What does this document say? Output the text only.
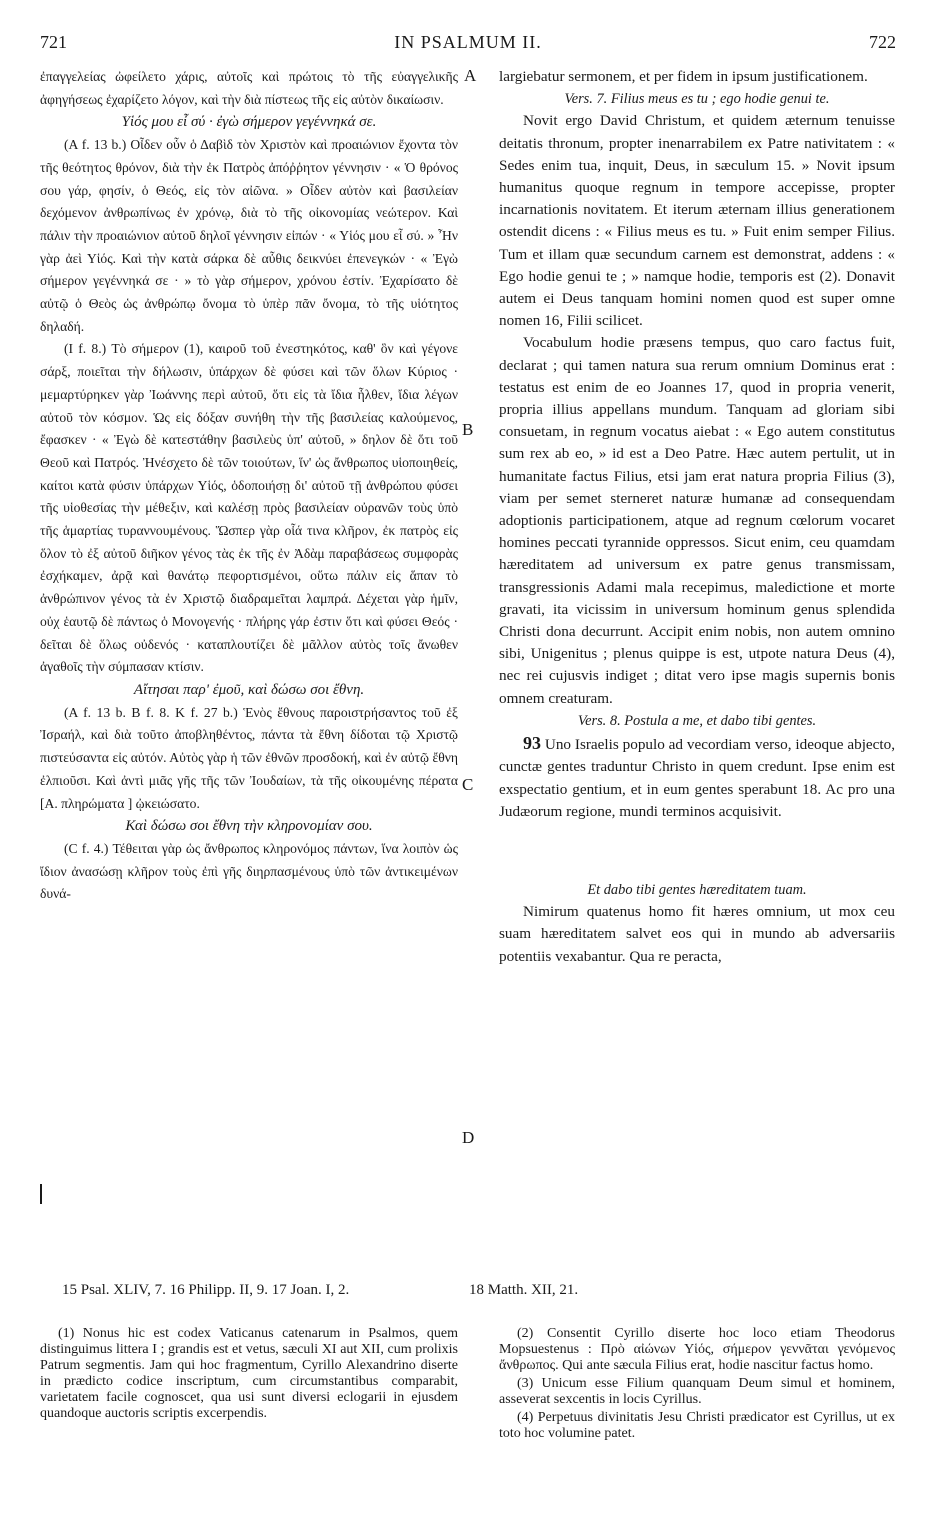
721	IN PSALMUM II.	722

ἐπαγγελείας ὠφείλετο χάρις, αὐτοῖς καὶ πρώτοις τὸ τῆς εὐαγγελικῆς ἀφηγήσεως ἐχαρίζετο λόγον, καὶ τὴν διὰ πίστεως τῆς εἰς αὐτὸν δικαίωσιν.

Υἱός μου εἶ σύ · ἐγὼ σήμερον γεγέννηκά σε.

(A f. 13 b.) Οἶδεν οὖν ὁ Δαβὶδ τὸν Χριστὸν καὶ προαιώνιον ἔχοντα τὸν τῆς θεότητος θρόνον, διὰ τὴν ἐκ Πατρὸς ἀπόῤῥητον γέννησιν · « Ὁ θρόνος σου γάρ, φησίν, ὁ Θεός, εἰς τὸν αἰῶνα. » Οἶδεν αὐτὸν καὶ βασιλείαν δεχόμενον ἀνθρωπίνως ἐν χρόνῳ, διὰ τὸ τῆς οἰκονομίας νεώτερον. Καὶ πάλιν τὴν προαιώνιον αὐτοῦ δηλοῖ γέννησιν εἰπών · « Υἱός μου εἶ σύ. » Ἦν γὰρ ἀεὶ Υἱός. Καὶ τὴν κατὰ σάρκα δὲ αὖθις δεικνύει ἐπενεγκών · « Ἐγὼ σήμερον γεγέννηκά σε · » τὸ γὰρ σήμερον, χρόνου ἐστίν. Ἐχαρίσατο δὲ αὐτῷ ὁ Θεὸς ὡς ἀνθρώπῳ ὄνομα τὸ ὑπὲρ πᾶν ὄνομα, τὸ τῆς υἱότητος δηλαδή.

(I f. 8.) Τὸ σήμερον (1), καιροῦ τοῦ ἐνεστηκότος, καθ' ὃν καὶ γέγονε σάρξ, ποιεῖται τὴν δήλωσιν, ὑπάρχων δὲ φύσει καὶ τῶν ὅλων Κύριος · μεμαρτύρηκεν γὰρ Ἰωάννης περὶ αὐτοῦ, ὅτι εἰς τὰ ἴδια ἦλθεν, ἴδια λέγων αὐτοῦ τὸν κόσμον. Ὡς εἰς δόξαν συνήθη τὴν τῆς βασιλείας καλούμενος, ἔφασκεν · « Ἐγὼ δὲ κατεστάθην βασιλεὺς ὑπ' αὐτοῦ, » δηλον δὲ ὅτι τοῦ Θεοῦ καὶ Πατρός. Ἠνέσχετο δὲ τῶν τοιούτων, ἵν' ὡς ἄνθρωπος υἱοποιηθείς, καίτοι κατὰ φύσιν ὑπάρχων Υἱός, ὁδοποιήσῃ δι' αὐτοῦ τῇ ἀνθρώπου φύσει τῆς υἱοθεσίας τὴν μέθεξιν, καὶ καλέσῃ πρὸς βασιλείαν οὐρανῶν τοὺς ὑπὸ τῆς ἁμαρτίας τυραννουμένους. Ὥσπερ γὰρ οἷά τινα κλῆρον, ἐκ πατρὸς εἰς ὅλον τὸ ἐξ αὐτοῦ διῆκον γένος τὰς ἐκ τῆς ἐν Ἀδὰμ παραβάσεως συμφορὰς ἐσχήκαμεν, ἀρᾷ καὶ θανάτῳ πεφορτισμένοι, οὕτω πάλιν εἰς ἅπαν τὸ ἀνθρώπινον γένος τὰ ἐν Χριστῷ διαδραμεῖται λαμπρά. Δέχεται γὰρ ἡμῖν, οὐχ ἑαυτῷ δὲ πάντως ὁ Μονογενής · πλήρης γάρ ἐστιν ὅτι καὶ φύσει Θεός · δεῖται δὲ ὅλως οὐδενός · καταπλουτίζει δὲ μᾶλλον αὐτὸς τοῖς ἄνωθεν ἀγαθοῖς τὴν σύμπασαν κτίσιν.

Αἴτησαι παρ' ἐμοῦ, καὶ δώσω σοι ἔθνη.

(A f. 13 b. B f. 8. K f. 27 b.) Ἑνὸς ἔθνους παροιστρήσαντος τοῦ ἐξ Ἰσραήλ, καὶ διὰ τοῦτο ἀποβληθέντος, πάντα τὰ ἔθνη δίδοται τῷ Χριστῷ πιστεύσαντα εἰς αὐτόν. Αὐτὸς γὰρ ἡ τῶν ἐθνῶν προσδοκή, καὶ ἐν αὐτῷ ἔθνη ἐλπιοῦσι. Καὶ ἀντὶ μιᾶς γῆς τῆς τῶν Ἰουδαίων, τὰ τῆς οἰκουμένης πέρατα [A. πληρώματα ] ᾠκειώσατο.

Καὶ δώσω σοι ἔθνη τὴν κληρονομίαν σου.

(C f. 4.) Τέθειται γὰρ ὡς ἄνθρωπος κληρονόμος πάντων, ἵνα λοιπὸν ὡς ἴδιον ἀνασώσῃ κλῆρον τοὺς ἐπὶ γῆς διηρπασμένους ὑπὸ τῶν ἀντικειμένων δυνά-

A
B
C
D

largiebatur sermonem, et per fidem in ipsum justificationem.

Vers. 7. Filius meus es tu ; ego hodie genui te.

Novit ergo David Christum, et quidem æternum tenuisse deitatis thronum, propter inenarrabilem ex Patre nativitatem : « Sedes enim tua, inquit, Deus, in sæculum 15. » Novit ipsum humanitus quoque regnum in tempore accepisse, propter incarnationis novitatem. Et iterum æternam illius generationem ostendit dicens : « Filius meus es tu. » Fuit enim semper Filius. Tum et illam quæ secundum carnem est demonstrat, addens : « Ego hodie genui te ; » namque hodie, temporis est (2). Donavit autem ei Deus tanquam homini nomen quod est super omne nomen 16, Filii scilicet.

Vocabulum hodie præsens tempus, quo caro factus fuit, declarat ; qui tamen natura sua rerum omnium Dominus erat : testatus est enim de eo Joannes 17, quod in propria venerit, propria illius appellans mundum. Tanquam ad gloriam sibi consuetam, in regnum vocatus aiebat : « Ego autem constitutus sum rex ab eo, » id est a Deo Patre. Hæc autem pertulit, ut in humanitate factus Filius, etsi jam erat natura propria Filius (3), viam per semet sterneret naturæ humanæ ad consequendam adoptionis participationem, atque ad regnum cœlorum vocaret homines peccati tyrannide oppressos. Sicut enim, ceu quamdam hæreditatem ad universum ex patre genus transmissam, transgressionis Adami mala recepimus, maledictione et morte gravati, ita vicissim in universum hominum genus splendida Christi dona decurrunt. Accipit enim nobis, non autem omnino sibi, Unigenitus ; plenus quippe is est, utpote natura Deus (4), nec rei cujusvis indiget ; ditat vero ipse magis supernis bonis omnem creaturam.

Vers. 8. Postula a me, et dabo tibi gentes.

93 Uno Israelis populo ad vecordiam verso, ideoque abjecto, cunctæ gentes traduntur Christo in quem credunt. Ipse enim est exspectatio gentium, et in eum gentes sperabunt 18. Ac pro una Judæorum regione, mundi terminos acquisivit.

Et dabo tibi gentes hæreditatem tuam.

Nimirum quatenus homo fit hæres omnium, ut mox ceu suam hæreditatem salvet eos qui in mundo ab adversariis potentiis vexabantur. Qua re peracta,

15 Psal. XLIV, 7. 16 Philipp. II, 9. 17 Joan. I, 2.	18 Matth. XII, 21.

(1) Nonus hic est codex Vaticanus catenarum in Psalmos, quem distinguimus littera I ; grandis est et vetus, sæculi XI aut XII, cum prolixis Patrum segmentis. Jam qui hoc fragmentum, Cyrillo Alexandrino diserte in prædicto codice inscriptum, cum circumstantibus comparabit, varietatem facile cognoscet, qua usi sunt diversi eclogarii in ejusdem quandoque auctoris scriptis excerpendis.

(2) Consentit Cyrillo diserte hoc loco etiam Theodorus Mopsuestenus : Πρὸ αἰώνων Υἱός, σήμερον γεννᾶται γενόμενος ἄνθρωπος. Qui ante sæcula Filius erat, hodie nascitur factus homo.

(3) Unicum esse Filium quanquam Deum simul et hominem, asseverat sexcentis in locis Cyrillus.

(4) Perpetuus divinitatis Jesu Christi prædicator est Cyrillus, ut ex toto hoc volumine patet.
